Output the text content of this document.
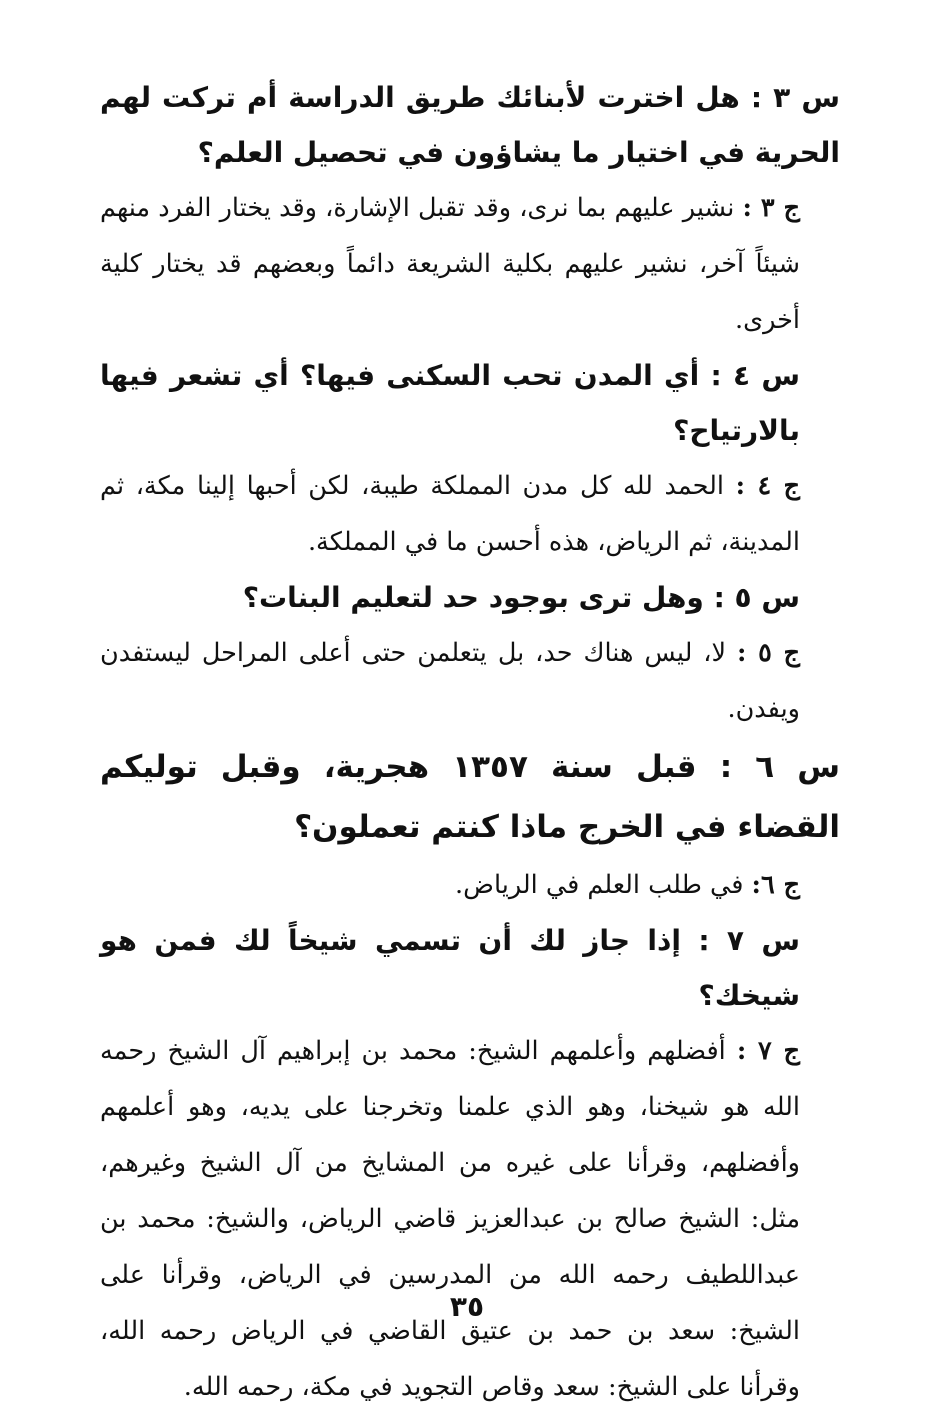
س ٣ : هل اخترت لأبنائك طريق الدراسة أم تركت لهم الحرية في اختيار ما يشاؤون في تحصيل العلم؟

ج ٣ : نشير عليهم بما نرى، وقد تقبل الإشارة، وقد يختار الفرد منهم شيئاً آخر، نشير عليهم بكلية الشريعة دائماً وبعضهم قد يختار كلية أخرى.

س ٤ : أي المدن تحب السكنى فيها؟ أي تشعر فيها بالارتياح؟

ج ٤ : الحمد لله كل مدن المملكة طيبة، لكن أحبها إلينا مكة، ثم المدينة، ثم الرياض، هذه أحسن ما في المملكة.

س ٥ : وهل ترى بوجود حد لتعليم البنات؟

ج ٥ : لا، ليس هناك حد، بل يتعلمن حتى أعلى المراحل ليستفدن ويفدن.

س ٦ : قبل سنة ١٣٥٧ هجرية، وقبل توليكم القضاء في الخرج ماذا كنتم تعملون؟

ج ٦: في طلب العلم في الرياض.

س ٧ : إذا جاز لك أن تسمي شيخاً لك فمن هو شيخك؟

ج ٧ : أفضلهم وأعلمهم الشيخ: محمد بن إبراهيم آل الشيخ رحمه الله هو شيخنا، وهو الذي علمنا وتخرجنا على يديه، وهو أعلمهم وأفضلهم، وقرأنا على غيره من المشايخ من آل الشيخ وغيرهم، مثل: الشيخ صالح بن عبدالعزيز قاضي الرياض، والشيخ: محمد بن عبداللطيف رحمه الله من المدرسين في الرياض، وقرأنا على الشيخ: سعد بن حمد بن عتيق القاضي في الرياض رحمه الله، وقرأنا على الشيخ: سعد وقاص التجويد في مكة، رحمه الله.

٣٥
